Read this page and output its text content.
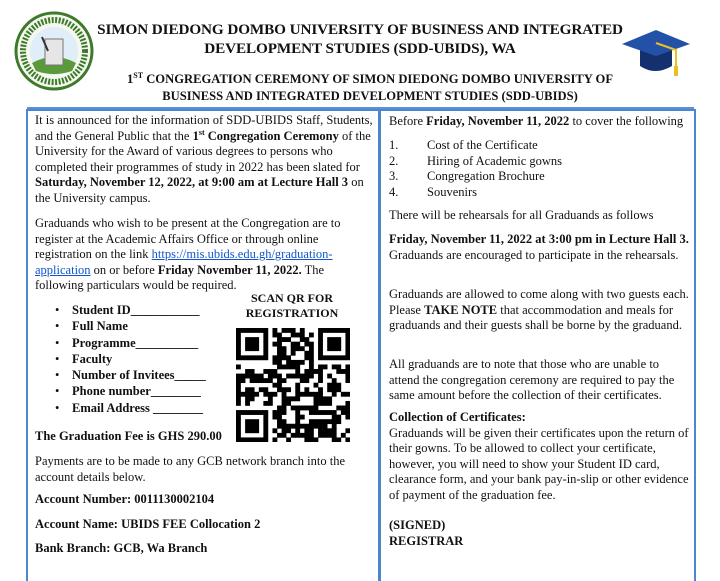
SIMON DIEDONG DOMBO UNIVERSITY OF BUSINESS AND INTEGRATED
DEVELOPMENT STUDIES (SDD-UBIDS), WA
1ST CONGREGATION CEREMONY OF SIMON DIEDONG DOMBO UNIVERSITY OF
BUSINESS AND INTEGRATED DEVELOPMENT STUDIES (SDD-UBIDS)

It is announced for the information of SDD-UBIDS Staff, Students, and the General Public that the 1st Congregation Ceremony of the University for the Award of various degrees to persons who completed their programmes of study in 2022 has been slated for Saturday, November 12, 2022, at 9:00 am at Lecture Hall 3 on the University campus.

Graduands who wish to be present at the Congregation are to register at the Academic Affairs Office or through online registration on the link https://mis.ubids.edu.gh/graduation-application on or before Friday November 11, 2022. The following particulars would be required.

• Student ID___________
• Full Name
• Programme__________
• Faculty
• Number of Invitees_____
• Phone number________
• Email Address ________
SCAN QR FOR REGISTRATION

The Graduation Fee is GHS 290.00

Payments are to be made to any GCB network branch into the account details below.

Account Number: 0011130002104

Account Name: UBIDS FEE Collocation 2

Bank Branch: GCB, Wa Branch

Before Friday, November 11, 2022 to cover the following

1. Cost of the Certificate
2. Hiring of Academic gowns
3. Congregation Brochure
4. Souvenirs

There will be rehearsals for all Graduands as follows

Friday, November 11, 2022 at 3:00 pm in Lecture Hall 3. Graduands are encouraged to participate in the rehearsals.

Graduands are allowed to come along with two guests each. Please TAKE NOTE that accommodation and meals for graduands and their guests shall be borne by the graduand.

All graduands are to note that those who are unable to attend the congregation ceremony are required to pay the same amount before the collection of their certificates.

Collection of Certificates:
Graduands will be given their certificates upon the return of their gowns. To be allowed to collect your certificate, however, you will need to show your Student ID card, clearance form, and your bank pay-in-slip or other evidence of payment of the graduation fee.

(SIGNED)
REGISTRAR
